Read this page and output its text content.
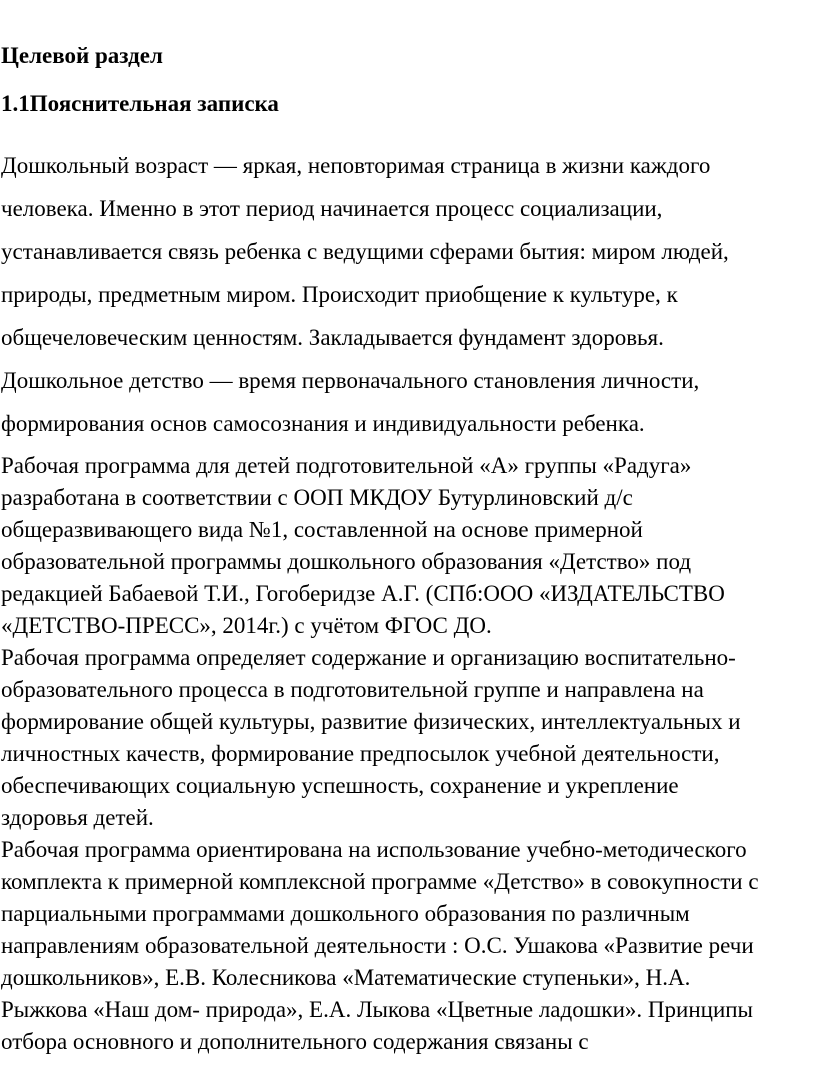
Целевой раздел
1.1Пояснительная записка
Дошкольный возраст — яркая, неповторимая страница в жизни каждого
человека. Именно в этот период начинается процесс социализации,
устанавливается связь ребенка с ведущими сферами бытия: миром людей,
природы, предметным миром. Происходит приобщение к культуре, к
общечеловеческим ценностям. Закладывается фундамент здоровья.
Дошкольное детство — время первоначального становления личности,
формирования основ самосознания и индивидуальности ребенка.
Рабочая программа для детей подготовительной «А» группы «Радуга»
разработана в соответствии с ООП МКДОУ Бутурлиновский д/с
общеразвивающего вида №1, составленной на основе примерной
образовательной программы дошкольного образования «Детство» под
редакцией Бабаевой Т.И., Гогоберидзе А.Г. (СПб:ООО «ИЗДАТЕЛЬСТВО
«ДЕТСТВО-ПРЕСС», 2014г.) с учётом ФГОС ДО.
Рабочая программа определяет содержание и организацию воспитательно-
образовательного процесса в подготовительной группе и направлена на
формирование общей культуры, развитие физических, интеллектуальных и
личностных качеств, формирование предпосылок учебной деятельности,
обеспечивающих социальную успешность, сохранение и укрепление
здоровья детей.
Рабочая программа ориентирована на использование учебно-методического
комплекта к примерной комплексной программе «Детство» в совокупности с
парциальными программами дошкольного образования по различным
направлениям образовательной деятельности : О.С. Ушакова «Развитие речи
дошкольников», Е.В. Колесникова «Математические ступеньки», Н.А.
Рыжкова «Наш дом- природа», Е.А. Лыкова «Цветные ладошки». Принципы
отбора основного и дополнительного содержания связаны с
